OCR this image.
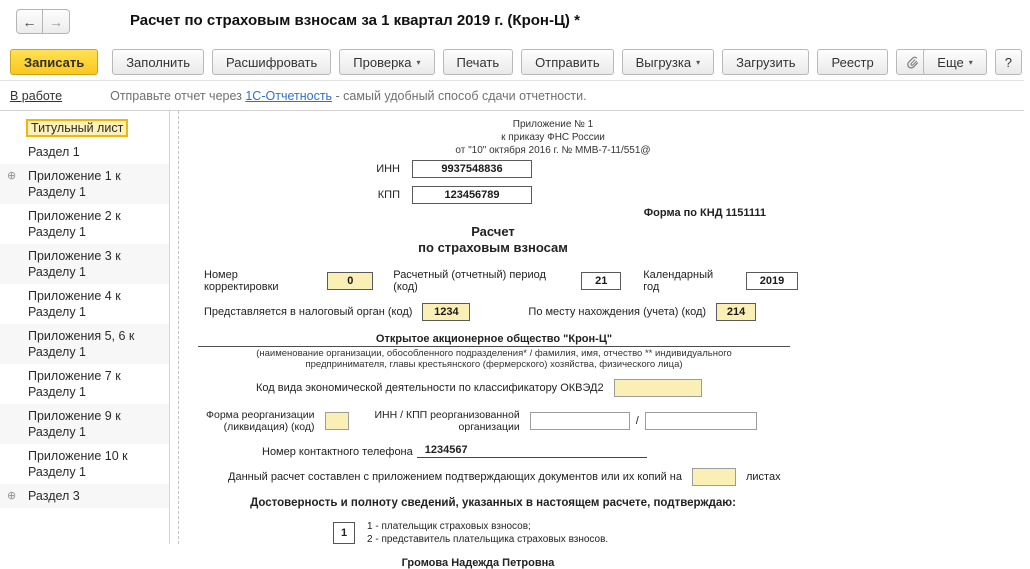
← →	Расчет по страховым взносам за 1 квартал 2019 г. (Крон-Ц) *
Записать	Заполнить	Расшифровать	Проверка ▾	Печать	Отправить	Выгрузка ▾	Загрузить	Реестр	Еще ▾	?
В работе	Отправьте отчет через 1С-Отчетность - самый удобный способ сдачи отчетности.
Титульный лист
Раздел 1
⊕ Приложение 1 к Разделу 1
Приложение 2 к Разделу 1
Приложение 3 к Разделу 1
Приложение 4 к Разделу 1
Приложения 5, 6 к Разделу 1
Приложение 7 к Разделу 1
Приложение 9 к Разделу 1
Приложение 10 к Разделу 1
⊕ Раздел 3
Приложение № 1
к приказу ФНС России
от "10" октября 2016 г. № ММВ-7-11/551@
ИНН	9937548836
КПП	123456789
Форма по КНД 1151111
Расчет
по страховым взносам
Номер корректировки	0	Расчетный (отчетный) период (код)	21	Календарный год	2019
Представляется в налоговый орган (код)	1234	По месту нахождения (учета) (код)	214
Открытое акционерное общество "Крон-Ц"
(наименование организации, обособленного подразделения* / фамилия, имя, отчество ** индивидуального
предпринимателя, главы крестьянского (фермерского) хозяйства, физического лица)
Код вида экономической деятельности по классификатору ОКВЭД2
Форма реорганизации
(ликвидация) (код)
ИНН / КПП реорганизованной
организации	/
Номер контактного телефона	1234567
Данный расчет составлен с приложением подтверждающих документов или их копий на	листах
Достоверность и полноту сведений, указанных в настоящем расчете, подтверждаю:
1
1 - плательщик страховых взносов;
2 - представитель плательщика страховых взносов.
Громова Надежда Петровна
